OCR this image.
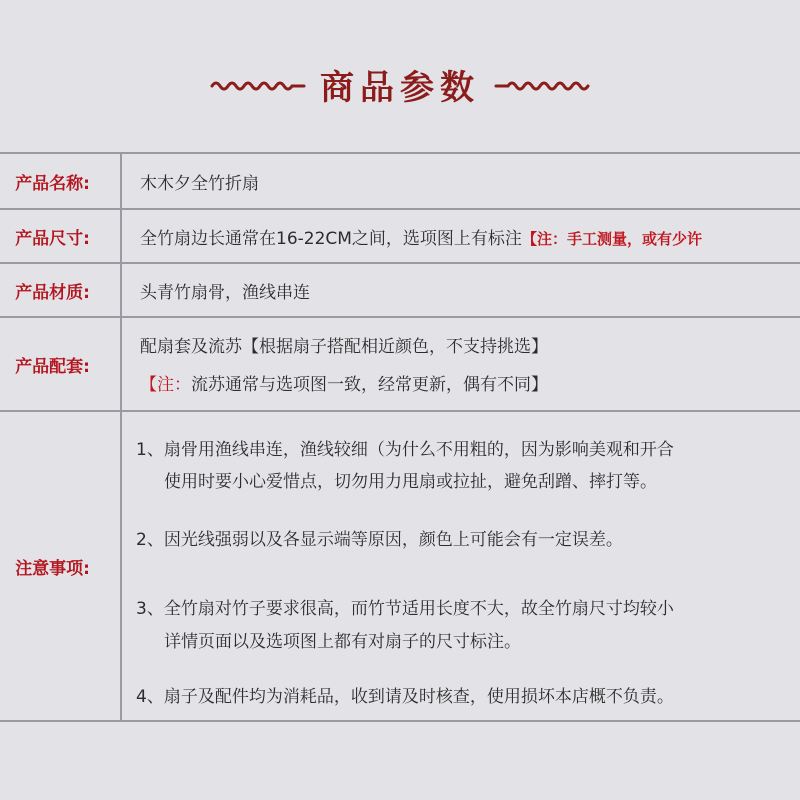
商品参数
产品名称:	木木夕全竹折扇
产品尺寸:	全竹扇边长通常在16-22CM之间，选项图上有标注【注：手工测量，或有少许
产品材质:	头青竹扇骨，渔线串连
产品配套:
配扇套及流苏【根据扇子搭配相近颜色，不支持挑选】
【注：流苏通常与选项图一致，经常更新，偶有不同】
注意事项:
1、扇骨用渔线串连，渔线较细（为什么不用粗的，因为影响美观和开合
使用时要小心爱惜点，切勿用力甩扇或拉扯，避免刮蹭、摔打等。
2、因光线强弱以及各显示端等原因，颜色上可能会有一定误差。
3、全竹扇对竹子要求很高，而竹节适用长度不大，故全竹扇尺寸均较小
详情页面以及选项图上都有对扇子的尺寸标注。
4、扇子及配件均为消耗品，收到请及时核查，使用损坏本店概不负责。
